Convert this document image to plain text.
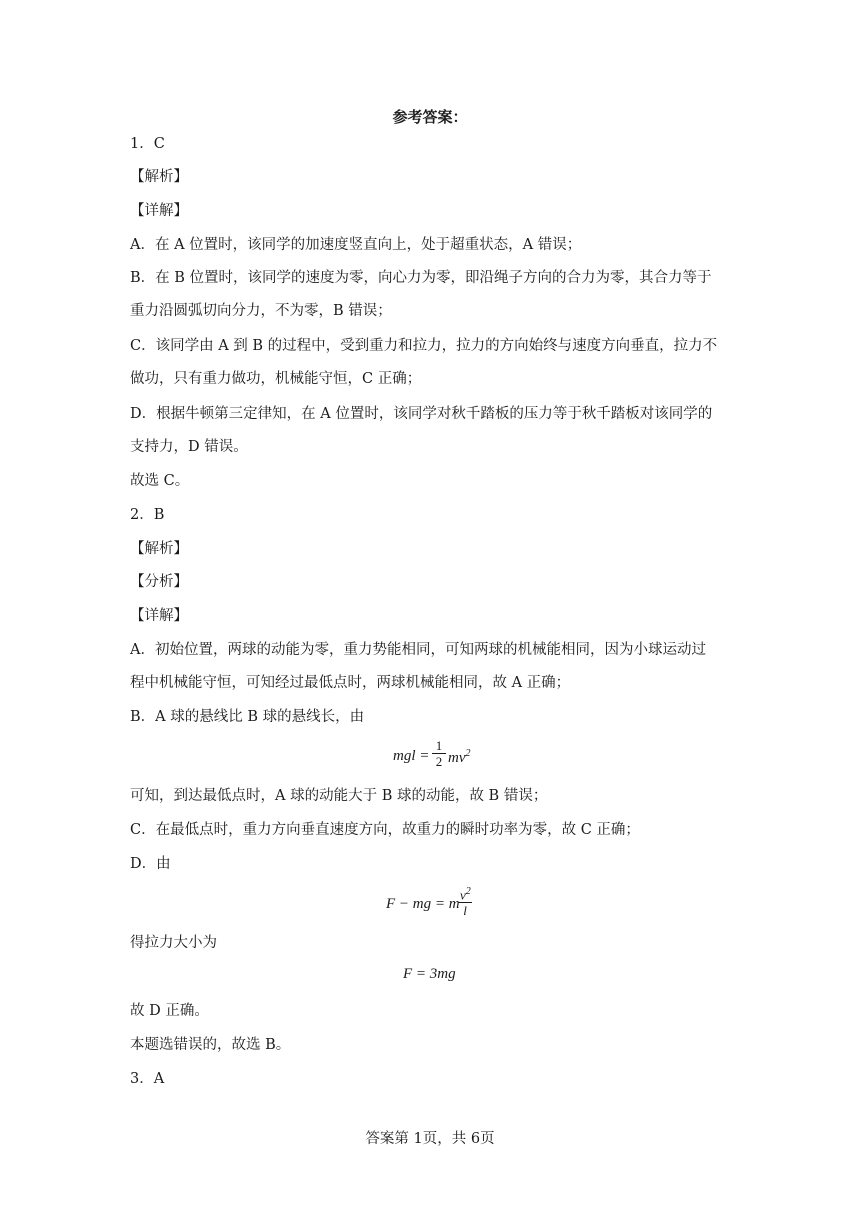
参考答案：
1．C
【解析】
【详解】
A．在 A 位置时，该同学的加速度竖直向上，处于超重状态，A 错误；
B．在 B 位置时，该同学的速度为零，向心力为零，即沿绳子方向的合力为零，其合力等于
重力沿圆弧切向分力，不为零，B 错误；
C．该同学由 A 到 B 的过程中，受到重力和拉力，拉力的方向始终与速度方向垂直，拉力不
做功，只有重力做功，机械能守恒，C 正确；
D．根据牛顿第三定律知，在 A 位置时，该同学对秋千踏板的压力等于秋千踏板对该同学的
支持力，D 错误。
故选 C。
2．B
【解析】
【分析】
【详解】
A．初始位置，两球的动能为零，重力势能相同，可知两球的机械能相同，因为小球运动过
程中机械能守恒，可知经过最低点时，两球机械能相同，故 A 正确；
B．A 球的悬线比 B 球的悬线长，由
mgl = $\frac{1}{2} mv^2$
可知，到达最低点时，A 球的动能大于 B 球的动能，故 B 错误；
C．在最低点时，重力方向垂直速度方向，故重力的瞬时功率为零，故 C 正确；
D．由
F − mg = m
$\frac{v^2}{l}$
得拉力大小为
F = 3mg
故 D 正确。
本题选错误的，故选 B。
3．A
答案第 1页，共 6页
